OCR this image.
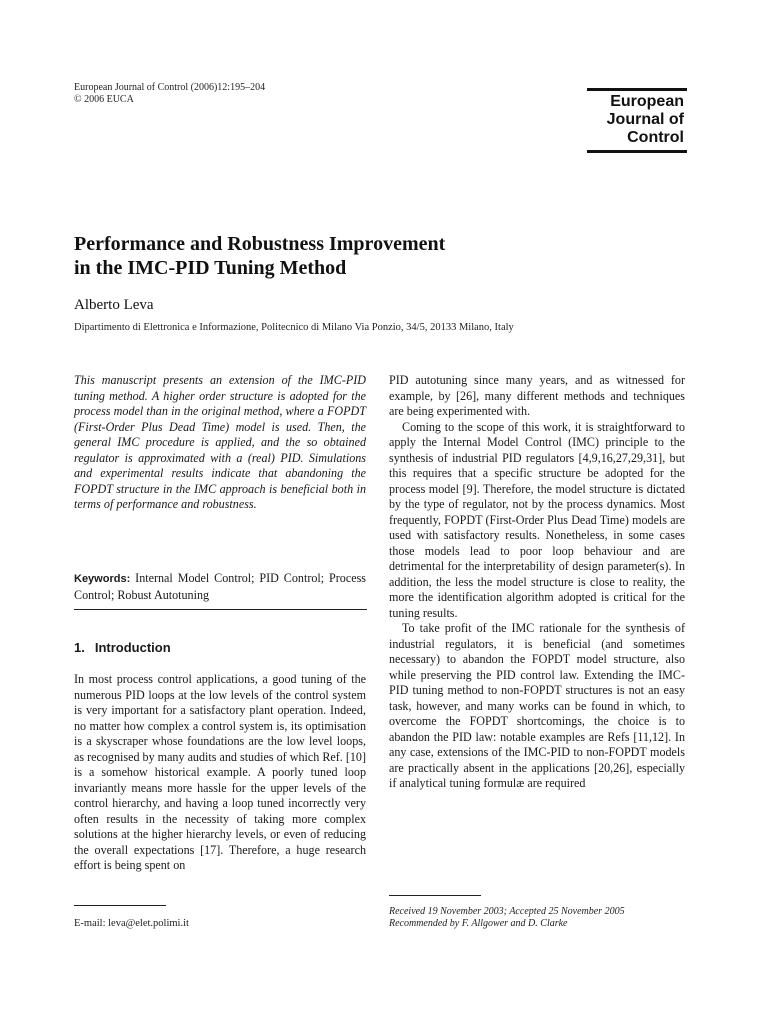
European Journal of Control (2006)12:195–204
© 2006 EUCA	European
Journal of
Control
Performance and Robustness Improvement
in the IMC-PID Tuning Method
Alberto Leva
Dipartimento di Elettronica e Informazione, Politecnico di Milano Via Ponzio, 34/5, 20133 Milano, Italy
This manuscript presents an extension of the IMC-PID tuning method. A higher order structure is adopted for the process model than in the original method, where a FOPDT (First-Order Plus Dead Time) model is used. Then, the general IMC procedure is applied, and the so obtained regulator is approximated with a (real) PID. Simulations and experimental results indicate that abandoning the FOPDT structure in the IMC approach is beneficial both in terms of performance and robustness.
Keywords: Internal Model Control; PID Control; Process Control; Robust Autotuning
1. Introduction
In most process control applications, a good tuning of the numerous PID loops at the low levels of the control system is very important for a satisfactory plant operation. Indeed, no matter how complex a control system is, its optimisation is a skyscraper whose foundations are the low level loops, as recognised by many audits and studies of which Ref. [10] is a somehow historical example. A poorly tuned loop invariantly means more hassle for the upper levels of the control hierarchy, and having a loop tuned incorrectly very often results in the necessity of taking more complex solutions at the higher hierarchy levels, or even of reducing the overall expectations [17]. Therefore, a huge research effort is being spent on
E-mail: leva@elet.polimi.it

PID autotuning since many years, and as witnessed for example, by [26], many different methods and techniques are being experimented with.

Coming to the scope of this work, it is straightforward to apply the Internal Model Control (IMC) principle to the synthesis of industrial PID regulators [4,9,16,27,29,31], but this requires that a specific structure be adopted for the process model [9]. Therefore, the model structure is dictated by the type of regulator, not by the process dynamics. Most frequently, FOPDT (First-Order Plus Dead Time) models are used with satisfactory results. Nonetheless, in some cases those models lead to poor loop behaviour and are detrimental for the interpretability of design parameter(s). In addition, the less the model structure is close to reality, the more the identification algorithm adopted is critical for the tuning results.

To take profit of the IMC rationale for the synthesis of industrial regulators, it is beneficial (and sometimes necessary) to abandon the FOPDT model structure, also while preserving the PID control law. Extending the IMC-PID tuning method to non-FOPDT structures is not an easy task, however, and many works can be found in which, to overcome the FOPDT shortcomings, the choice is to abandon the PID law: notable examples are Refs [11,12]. In any case, extensions of the IMC-PID to non-FOPDT models are practically absent in the applications [20,26], especially if analytical tuning formulæ are required

Received 19 November 2003; Accepted 25 November 2005
Recommended by F. Allgower and D. Clarke
